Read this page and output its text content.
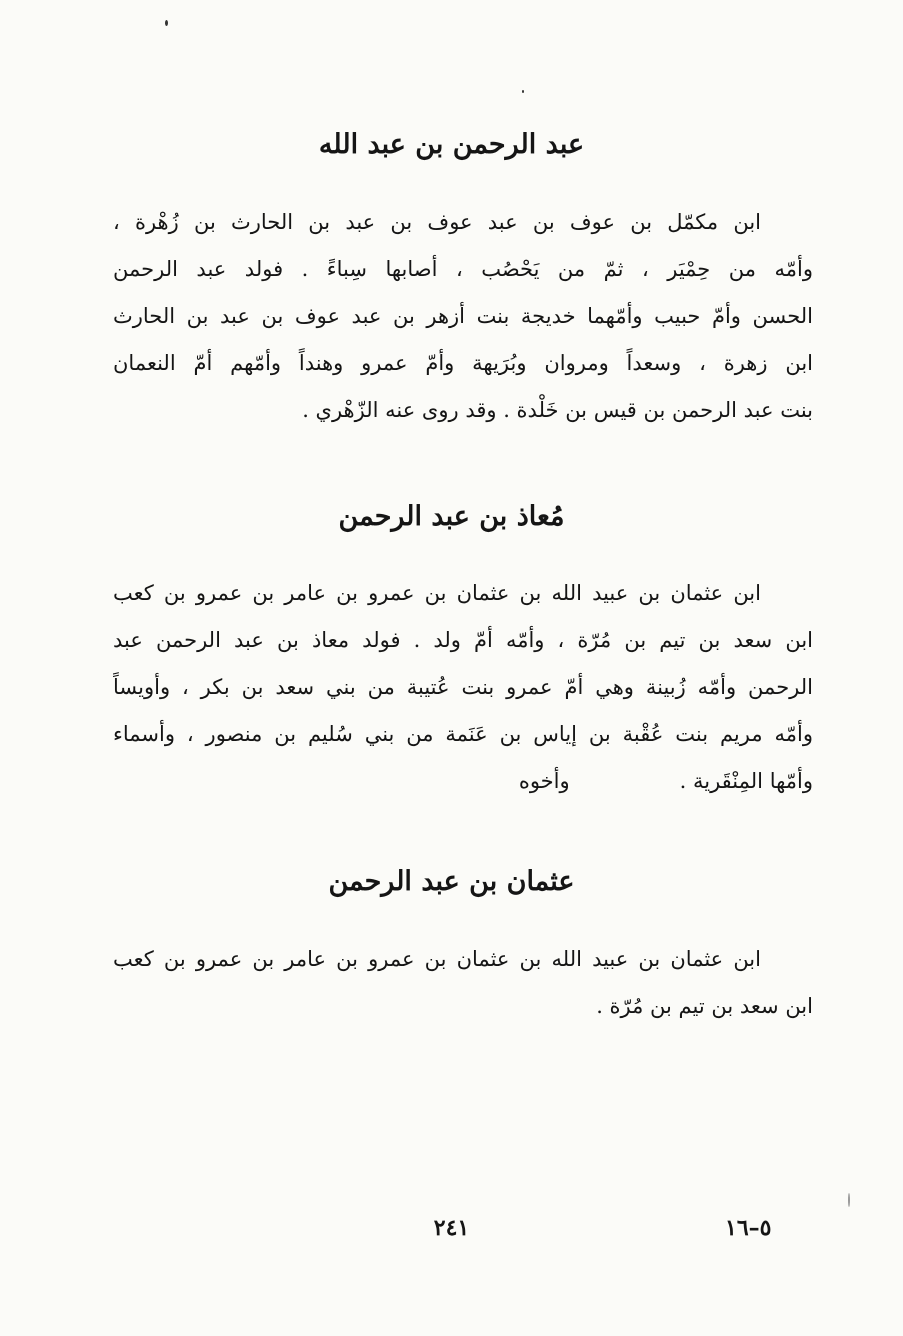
عبد الرحمن بن عبد الله
ابن مكمّل بن عوف بن عبد عوف بن عبد بن الحارث بن زُهْرة ،
وأمّه من حِمْيَر ، ثمّ من يَحْصُب ، أصابها سِباءً . فولد عبد الرحمن
الحسن وأمّ حبيب وأمّهما خديجة بنت أزهر بن عبد عوف بن عبد بن الحارث
ابن زهرة ، وسعداً ومروان وبُرَيهة وأمّ عمرو وهنداً وأمّهم أمّ النعمان
بنت عبد الرحمن بن قيس بن خَلْدة . وقد روى عنه الزّهْري .
مُعاذ بن عبد الرحمن
ابن عثمان بن عبيد الله بن عثمان بن عمرو بن عامر بن عمرو بن كعب
ابن سعد بن تيم بن مُرّة ، وأمّه أمّ ولد . فولد معاذ بن عبد الرحمن عبد
الرحمن وأمّه زُبينة وهي أمّ عمرو بنت عُتيبة من بني سعد بن بكر ، وأويساً
وأمّه مريم بنت عُقْبة بن إياس بن عَنَمة من بني سُليم بن منصور ، وأسماء
وأمّها المِنْقَرية .
وأخوه
عثمان بن عبد الرحمن
ابن عثمان بن عبيد الله بن عثمان بن عمرو بن عامر بن عمرو بن كعب
ابن سعد بن تيم بن مُرّة .
٢٤١	٥–١٦
